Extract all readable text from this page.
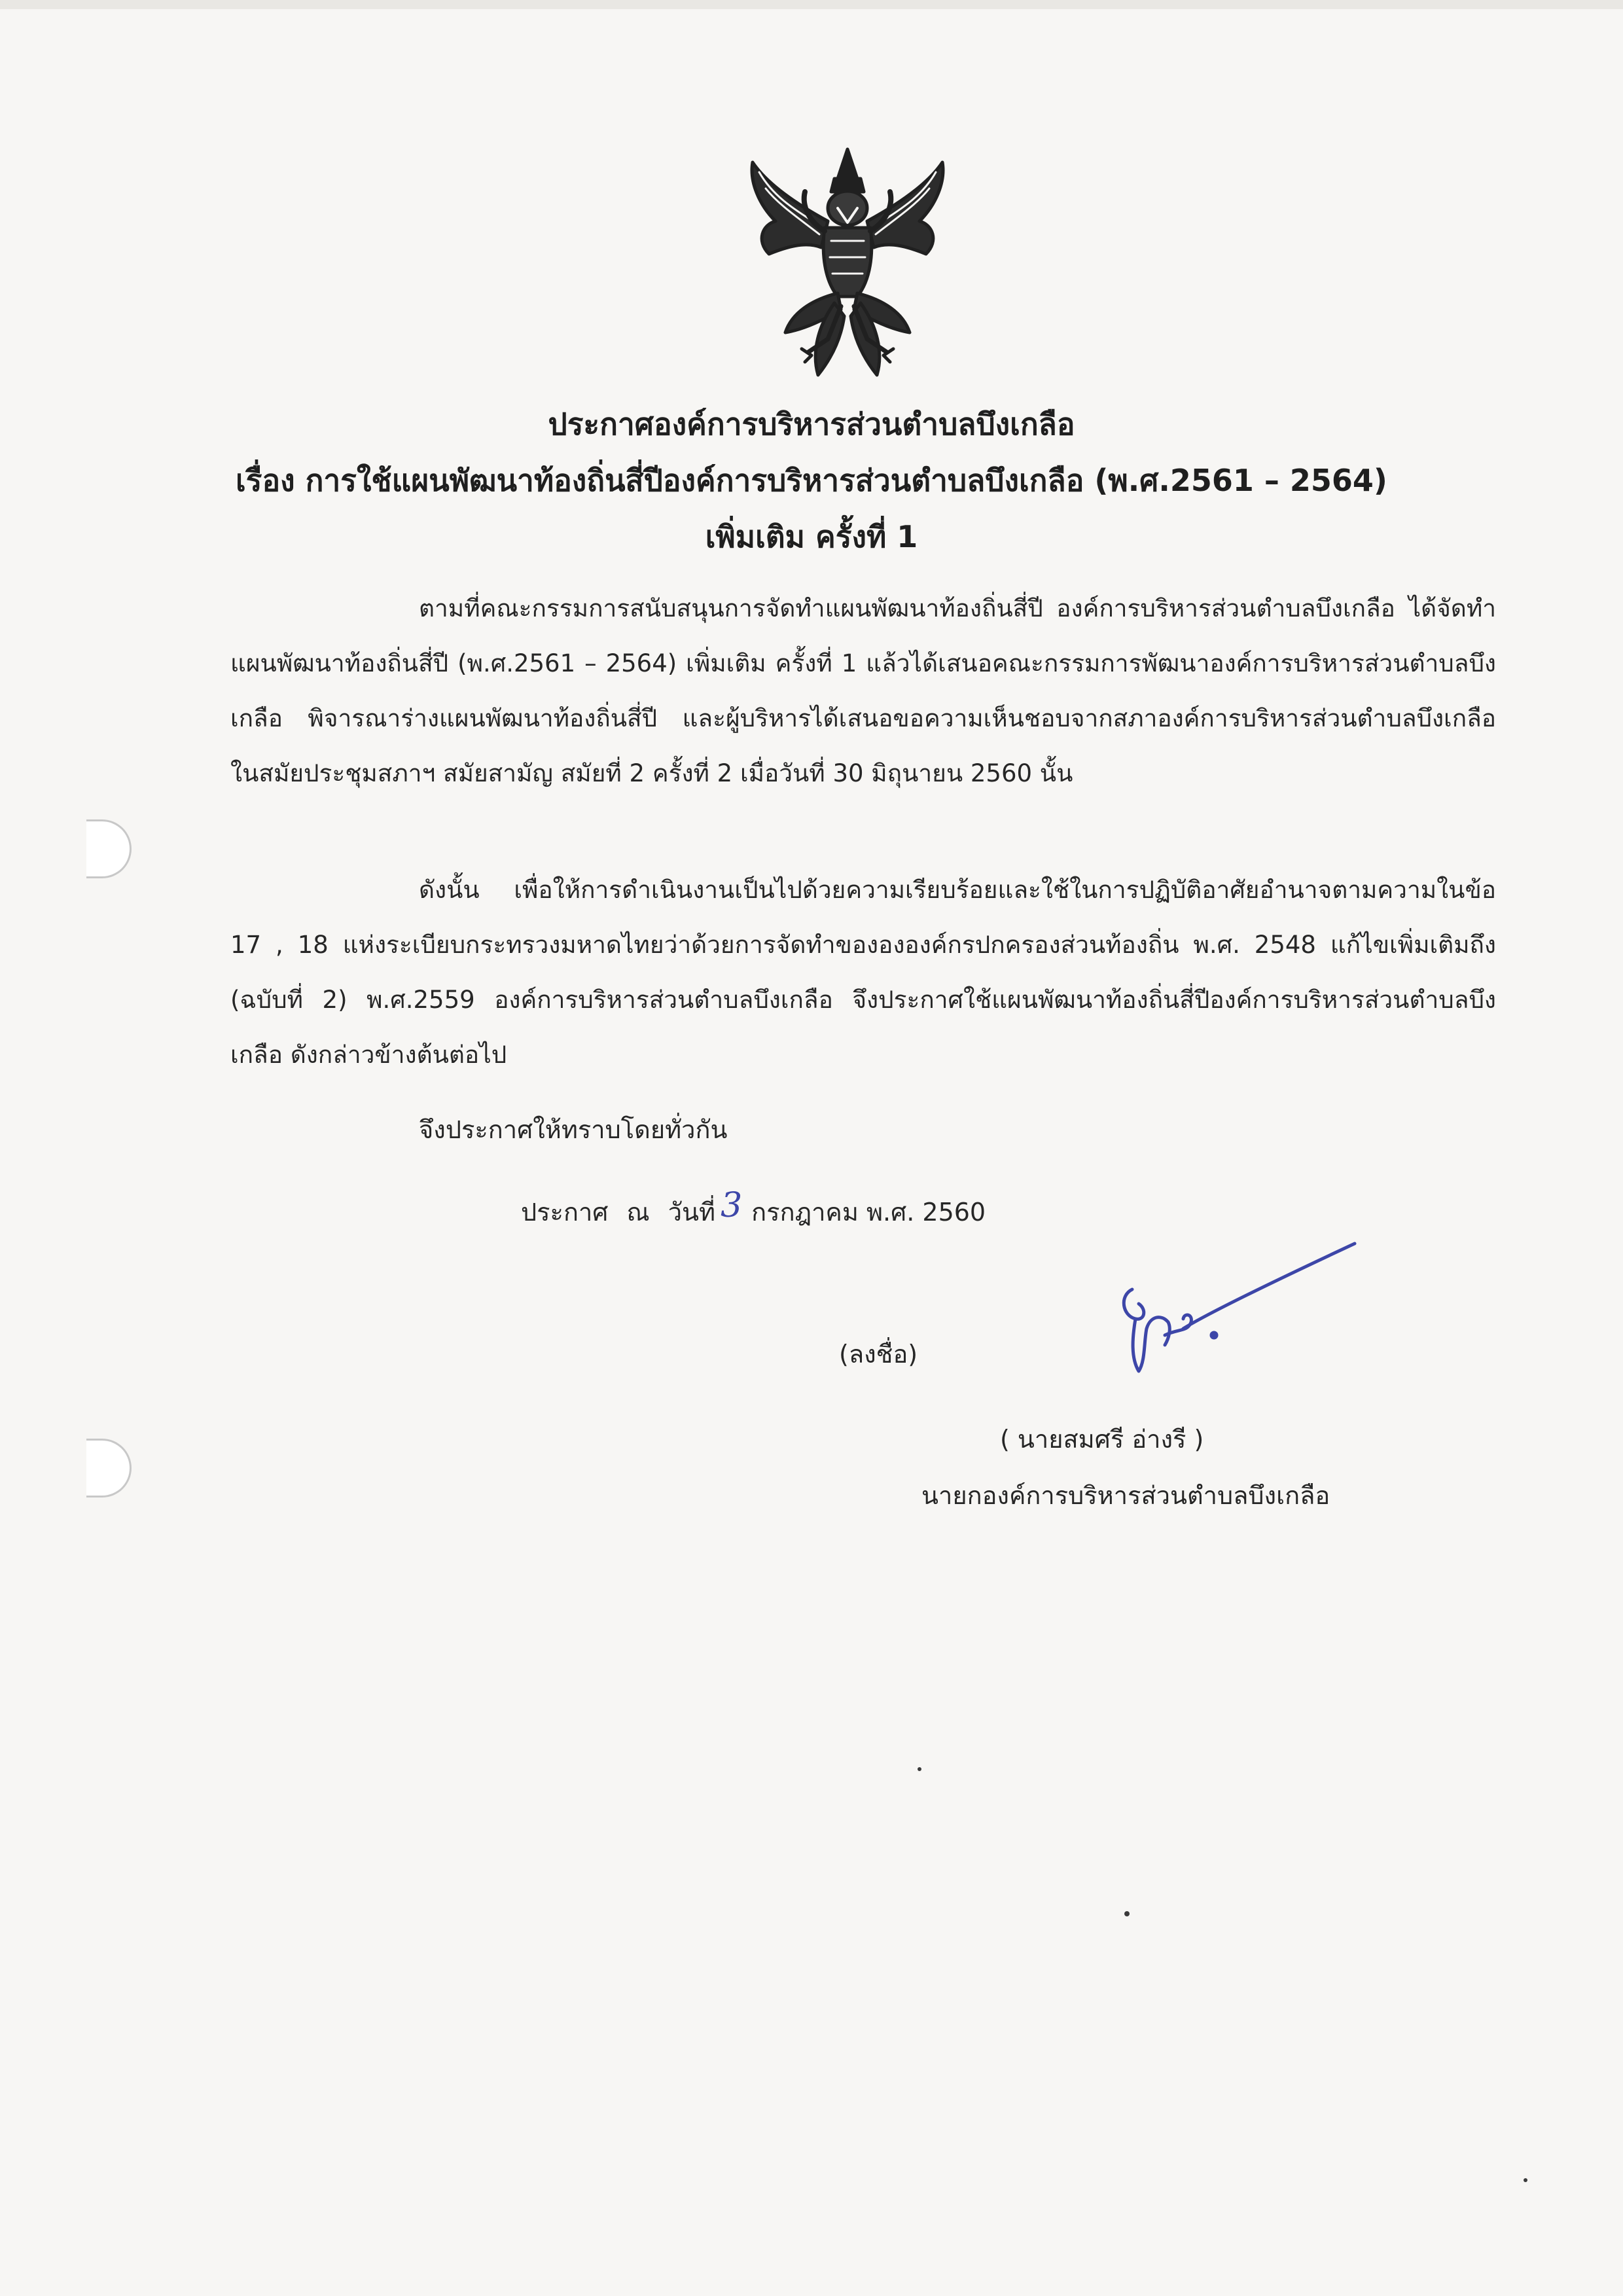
ประกาศองค์การบริหารส่วนตำบลบึงเกลือ
เรื่อง การใช้แผนพัฒนาท้องถิ่นสี่ปีองค์การบริหารส่วนตำบลบึงเกลือ (พ.ศ.2561 – 2564)
เพิ่มเติม ครั้งที่ 1
ตามที่คณะกรรมการสนับสนุนการจัดทำแผนพัฒนาท้องถิ่นสี่ปี องค์การบริหารส่วนตำบลบึงเกลือ ได้จัดทำแผนพัฒนาท้องถิ่นสี่ปี (พ.ศ.2561 – 2564) เพิ่มเติม ครั้งที่ 1 แล้วได้เสนอคณะกรรมการพัฒนาองค์การบริหารส่วนตำบลบึงเกลือ พิจารณาร่างแผนพัฒนาท้องถิ่นสี่ปี และผู้บริหารได้เสนอขอความเห็นชอบจากสภาองค์การบริหารส่วนตำบลบึงเกลือ ในสมัยประชุมสภาฯ สมัยสามัญ สมัยที่ 2 ครั้งที่ 2 เมื่อวันที่ 30 มิถุนายน 2560 นั้น
ดังนั้น เพื่อให้การดำเนินงานเป็นไปด้วยความเรียบร้อยและใช้ในการปฏิบัติอาศัยอำนาจตามความในข้อ 17 , 18 แห่งระเบียบกระทรวงมหาดไทยว่าด้วยการจัดทำของององค์กรปกครองส่วนท้องถิ่น พ.ศ. 2548 แก้ไขเพิ่มเติมถึง (ฉบับที่ 2) พ.ศ.2559 องค์การบริหารส่วนตำบลบึงเกลือ จึงประกาศใช้แผนพัฒนาท้องถิ่นสี่ปีองค์การบริหารส่วนตำบลบึงเกลือ ดังกล่าวข้างต้นต่อไป
จึงประกาศให้ทราบโดยทั่วกัน
ประกาศ ณ วันที่ 3 กรกฎาคม พ.ศ. 2560
(ลงชื่อ)
( นายสมศรี อ่างรี )
นายกองค์การบริหารส่วนตำบลบึงเกลือ
